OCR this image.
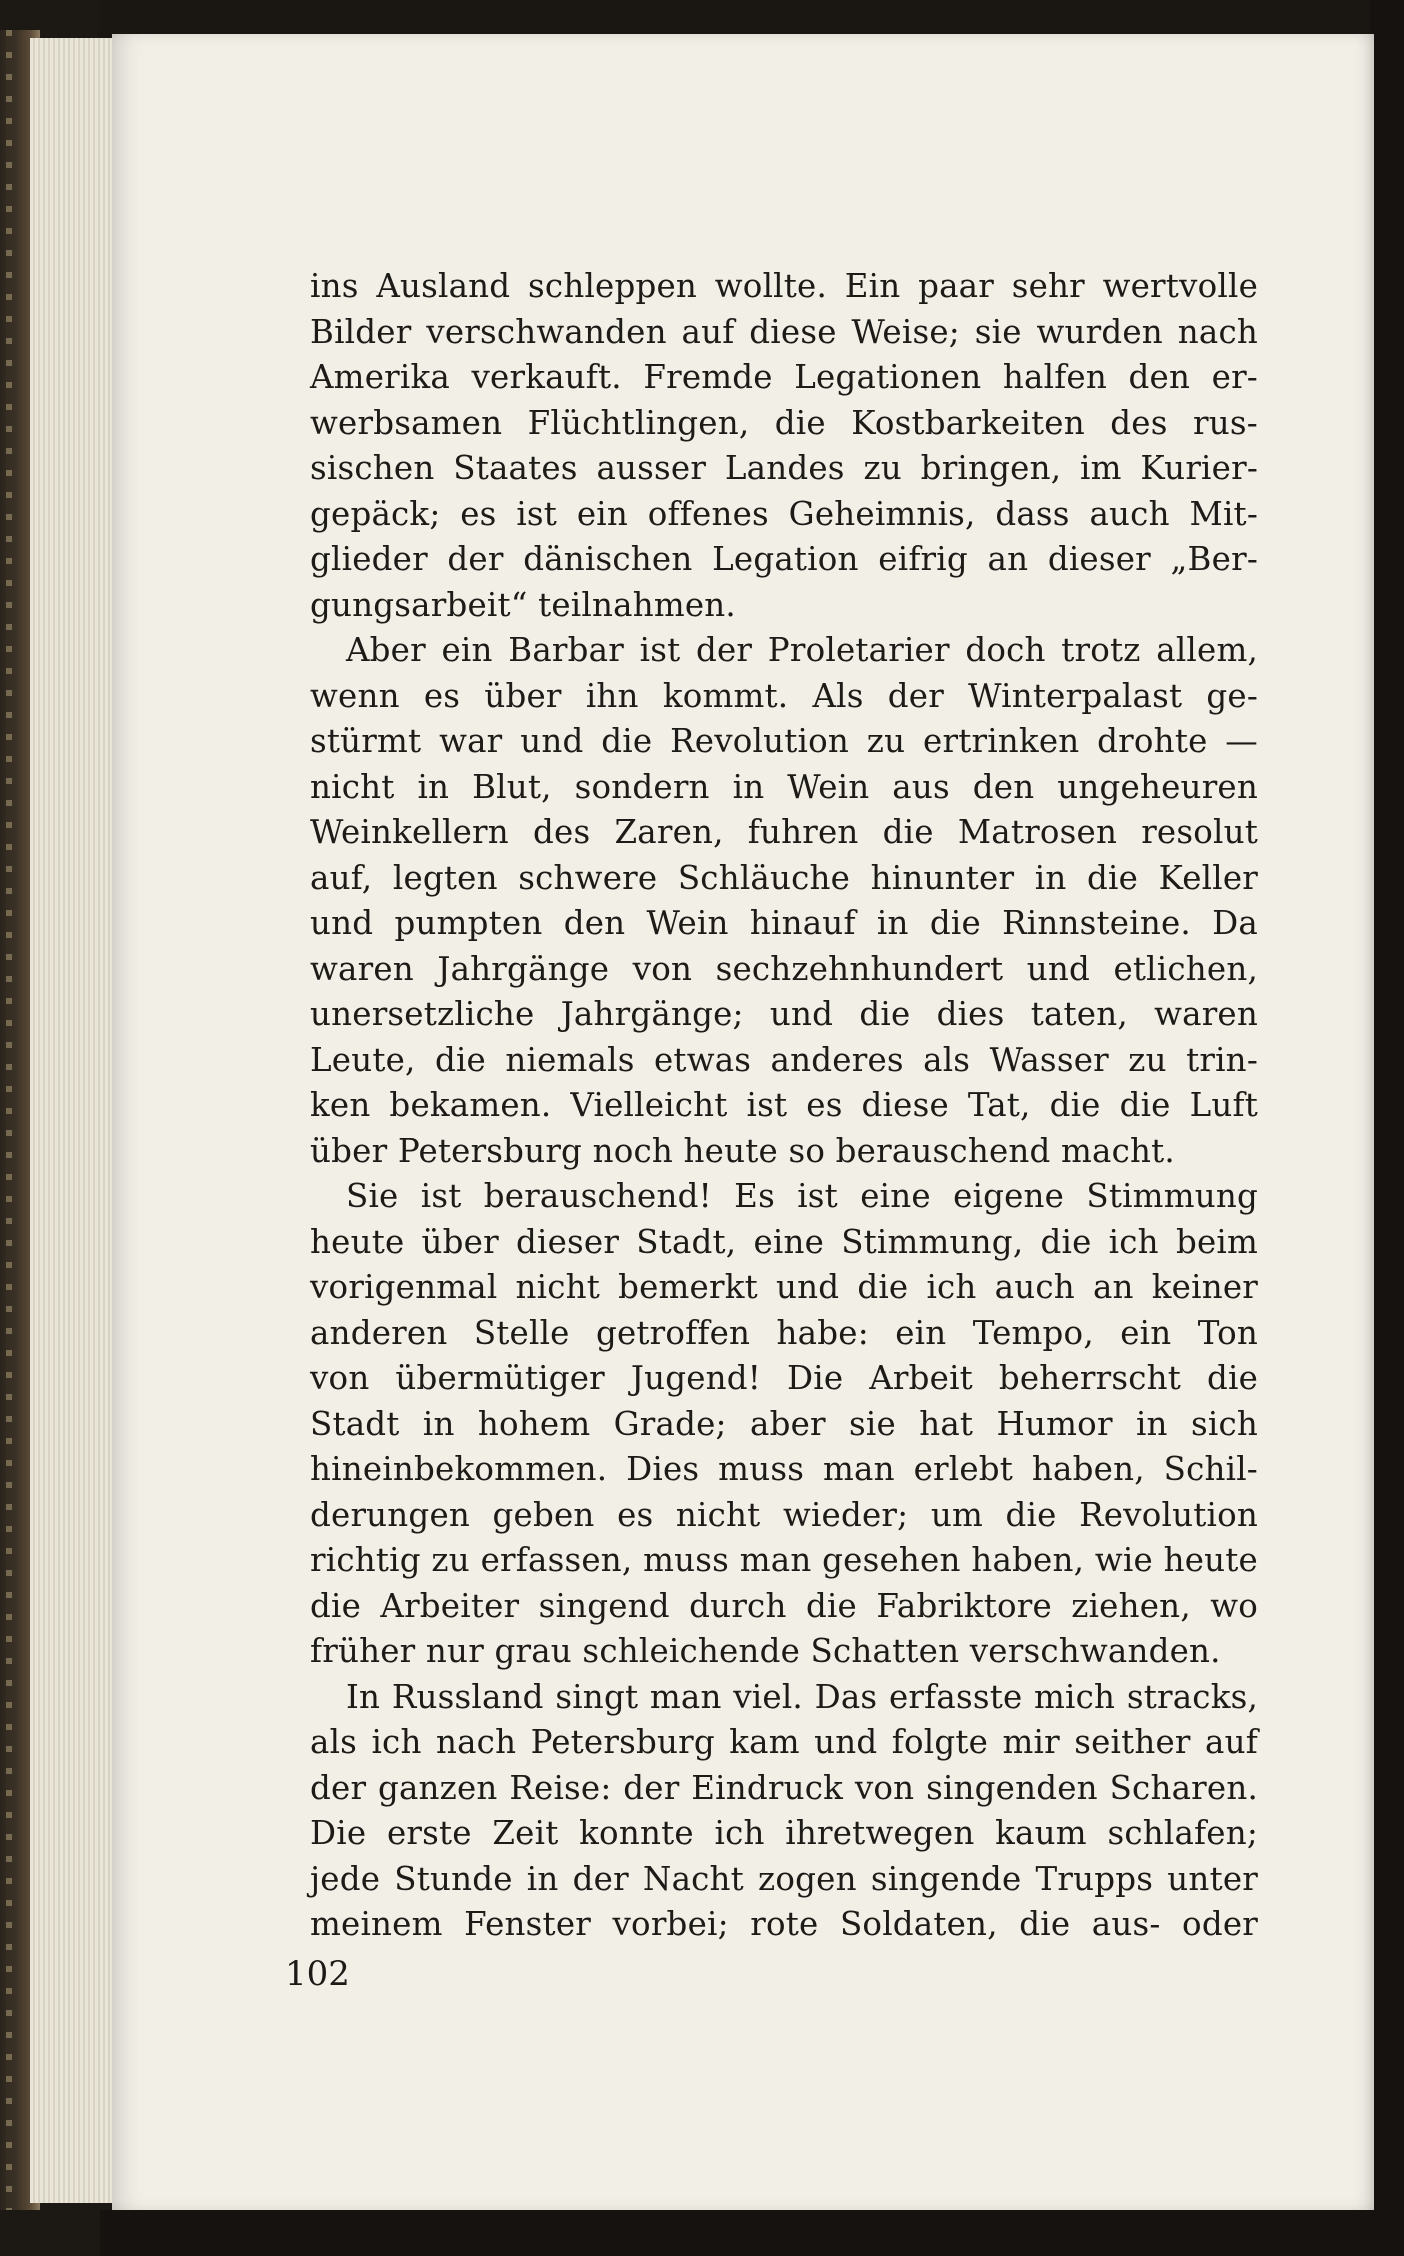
ins Ausland schleppen wollte. Ein paar sehr wertvolle
Bilder verschwanden auf diese Weise; sie wurden nach
Amerika verkauft. Fremde Legationen halfen den er-
werbsamen Flüchtlingen, die Kostbarkeiten des rus-
sischen Staates ausser Landes zu bringen, im Kurier-
gepäck; es ist ein offenes Geheimnis, dass auch Mit-
glieder der dänischen Legation eifrig an dieser „Ber-
gungsarbeit“ teilnahmen.
Aber ein Barbar ist der Proletarier doch trotz allem,
wenn es über ihn kommt. Als der Winterpalast ge-
stürmt war und die Revolution zu ertrinken drohte —
nicht in Blut, sondern in Wein aus den ungeheuren
Weinkellern des Zaren, fuhren die Matrosen resolut
auf, legten schwere Schläuche hinunter in die Keller
und pumpten den Wein hinauf in die Rinnsteine. Da
waren Jahrgänge von sechzehnhundert und etlichen,
unersetzliche Jahrgänge; und die dies taten, waren
Leute, die niemals etwas anderes als Wasser zu trin-
ken bekamen. Vielleicht ist es diese Tat, die die Luft
über Petersburg noch heute so berauschend macht.
Sie ist berauschend! Es ist eine eigene Stimmung
heute über dieser Stadt, eine Stimmung, die ich beim
vorigenmal nicht bemerkt und die ich auch an keiner
anderen Stelle getroffen habe: ein Tempo, ein Ton
von übermütiger Jugend! Die Arbeit beherrscht die
Stadt in hohem Grade; aber sie hat Humor in sich
hineinbekommen. Dies muss man erlebt haben, Schil-
derungen geben es nicht wieder; um die Revolution
richtig zu erfassen, muss man gesehen haben, wie heute
die Arbeiter singend durch die Fabriktore ziehen, wo
früher nur grau schleichende Schatten verschwanden.
In Russland singt man viel. Das erfasste mich stracks,
als ich nach Petersburg kam und folgte mir seither auf
der ganzen Reise: der Eindruck von singenden Scharen.
Die erste Zeit konnte ich ihretwegen kaum schlafen;
jede Stunde in der Nacht zogen singende Trupps unter
meinem Fenster vorbei; rote Soldaten, die aus- oder
102
